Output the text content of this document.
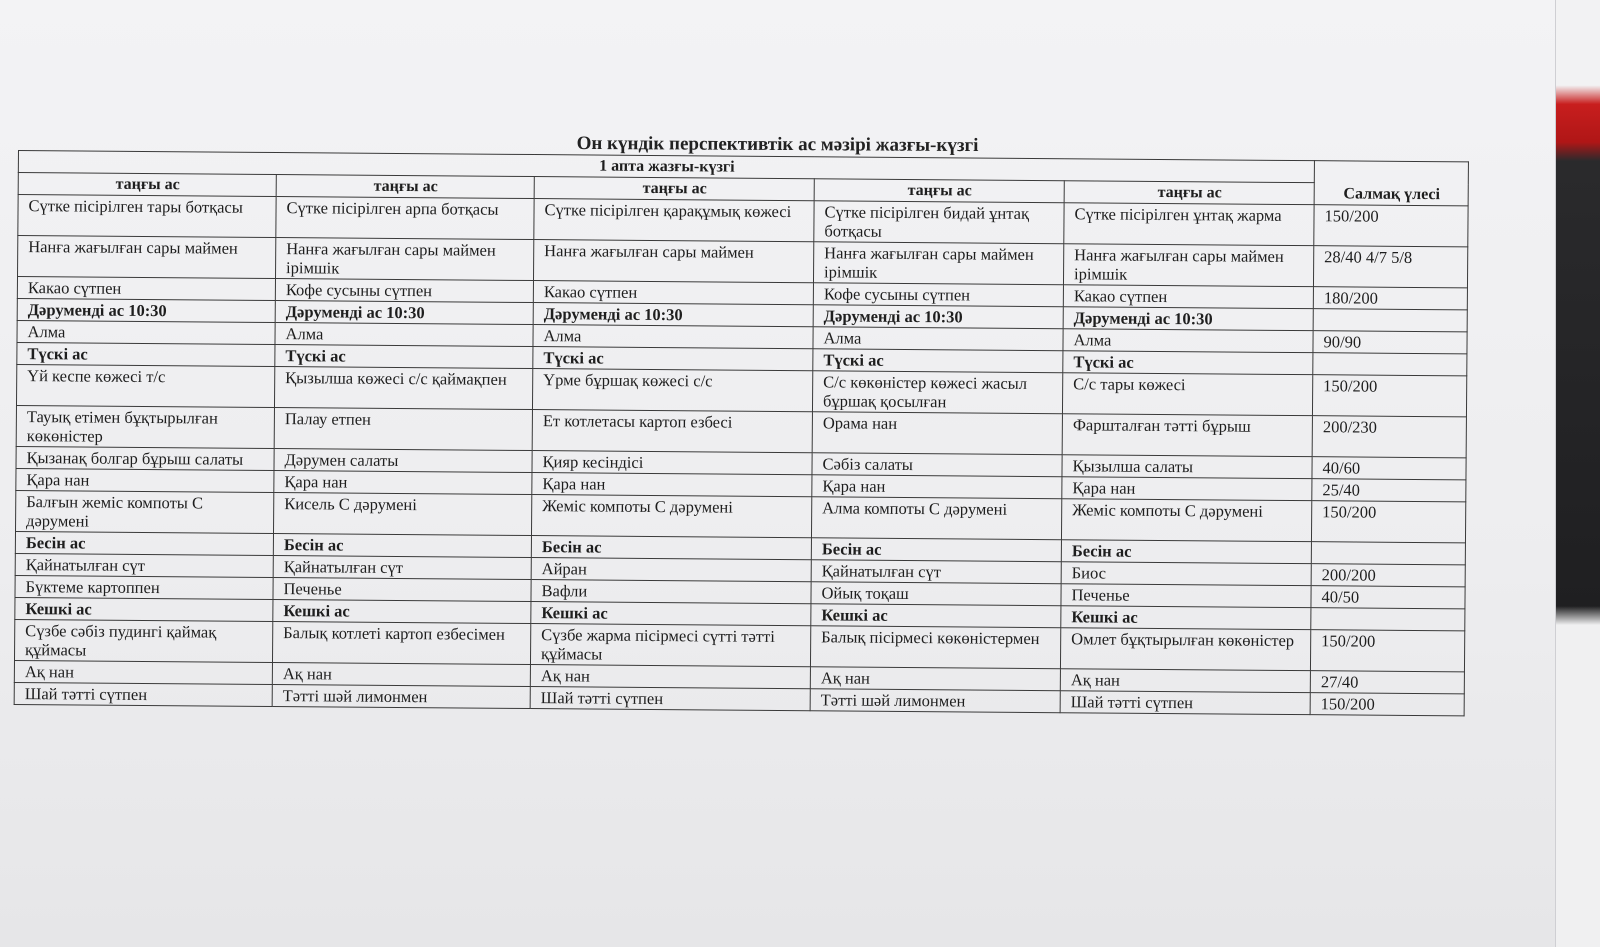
Он күндік перспективтік ас мәзірі жазғы-күзгі
1 апта жазғы-күзгі					Салмақ үлесі
таңғы ас	таңғы ас	таңғы ас	таңғы ас	таңғы ас	
Сүтке пісірілген тары ботқасы	Сүтке пісірілген арпа ботқасы	Сүтке пісірілген қарақұмық көжесі	Сүтке пісірілген бидай ұнтақ ботқасы	Сүтке пісірілген ұнтақ жарма	150/200
Нанға жағылған сары маймен	Нанға жағылған сары маймен ірімшік	Нанға жағылған сары маймен	Нанға жағылған сары маймен ірімшік	Нанға жағылған сары маймен ірімшік	28/40 4/7 5/8
Какао сүтпен	Кофе сусыны сүтпен	Какао сүтпен	Кофе сусыны сүтпен	Какао сүтпен	180/200
Дәруменді ас 10:30	Дәруменді ас 10:30	Дәруменді ас 10:30	Дәруменді ас 10:30	Дәруменді ас 10:30	
Алма	Алма	Алма	Алма	Алма	90/90
Түскі ас	Түскі ас	Түскі ас	Түскі ас	Түскі ас	
Үй кеспе көжесі т/с	Қызылша көжесі с/с қаймақпен	Үрме бұршақ көжесі с/с	С/с көкөністер көжесі жасыл бұршақ қосылған	С/с тары көжесі	150/200
Тауық етімен бұқтырылған көкөністер	Палау етпен	Ет котлетасы картоп езбесі	Орама нан	Фаршталған тәтті бұрыш	200/230
Қызанақ болгар бұрыш салаты	Дәрумен салаты	Қияр кесіндісі	Сәбіз салаты	Қызылша салаты	40/60
Қара нан	Қара нан	Қара нан	Қара нан	Қара нан	25/40
Балғын жеміс компоты С дәрумені	Кисель С дәрумені	Жеміс компоты С дәрумені	Алма компоты С дәрумені	Жеміс компоты С дәрумені	150/200
Бесін ас	Бесін ас	Бесін ас	Бесін ас	Бесін ас	
Қайнатылған сүт	Қайнатылған сүт	Айран	Қайнатылған сүт	Биос	200/200
Бүктеме картоппен	Печенье	Вафли	Ойық тоқаш	Печенье	40/50
Кешкі ас	Кешкі ас	Кешкі ас	Кешкі ас	Кешкі ас	
Сүзбе сәбіз пудингі қаймақ құймасы	Балық котлеті картоп езбесімен	Сүзбе жарма пісірмесі сүтті тәтті құймасы	Балық пісірмесі көкөністермен	Омлет бұқтырылған көкөністер	150/200
Ақ нан	Ақ нан	Ақ нан	Ақ нан	Ақ нан	27/40
Шай тәтті сүтпен	Тәтті шәй лимонмен	Шай тәтті сүтпен	Тәтті шәй лимонмен	Шай тәтті сүтпен	150/200
